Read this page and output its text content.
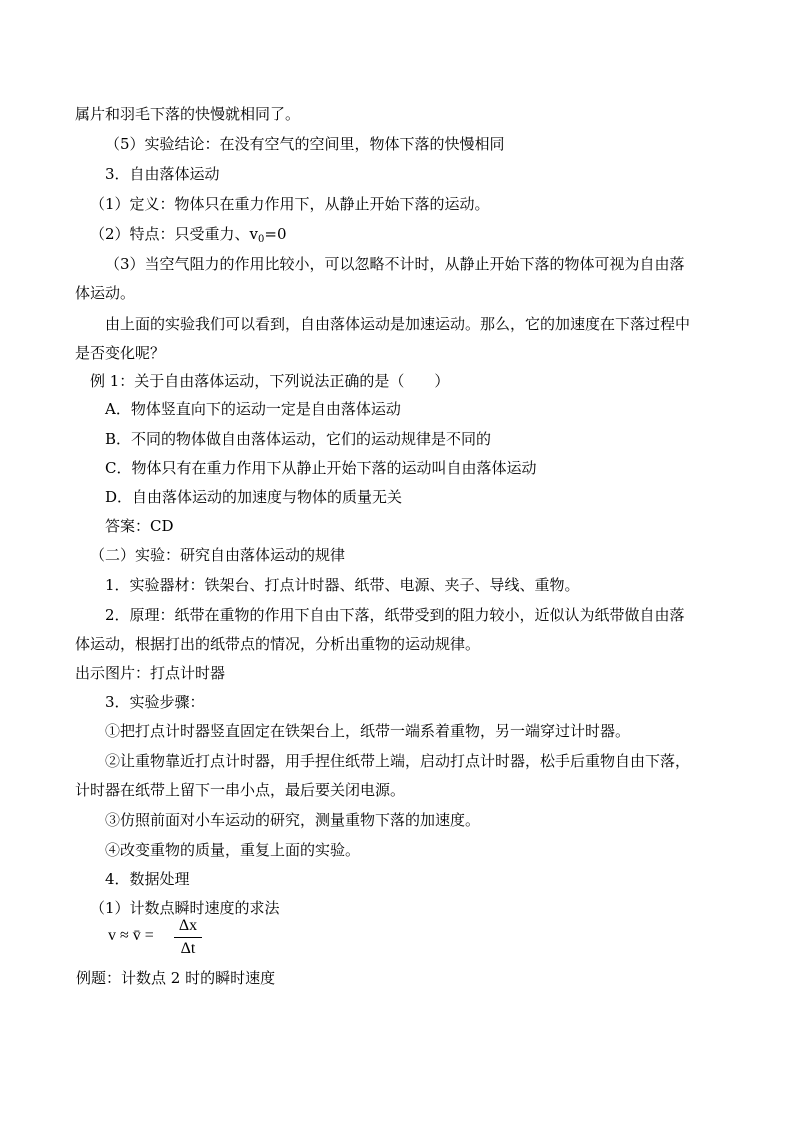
属片和羽毛下落的快慢就相同了。
（5）实验结论：在没有空气的空间里，物体下落的快慢相同
3．自由落体运动
（1）定义：物体只在重力作用下，从静止开始下落的运动。
（2）特点：只受重力、$v_0=0$
（3）当空气阻力的作用比较小，可以忽略不计时，从静止开始下落的物体可视为自由落
体运动。
由上面的实验我们可以看到，自由落体运动是加速运动。那么，它的加速度在下落过程中
是否变化呢？
例 1：关于自由落体运动，下列说法正确的是（　　）
A．物体竖直向下的运动一定是自由落体运动
B．不同的物体做自由落体运动，它们的运动规律是不同的
C．物体只有在重力作用下从静止开始下落的运动叫自由落体运动
D．自由落体运动的加速度与物体的质量无关
答案：CD
（二）实验：研究自由落体运动的规律
1．实验器材：铁架台、打点计时器、纸带、电源、夹子、导线、重物。
2．原理：纸带在重物的作用下自由下落，纸带受到的阻力较小，近似认为纸带做自由落
体运动，根据打出的纸带点的情况，分析出重物的运动规律。
出示图片：打点计时器
3．实验步骤：
①把打点计时器竖直固定在铁架台上，纸带一端系着重物，另一端穿过计时器。
②让重物靠近打点计时器，用手捏住纸带上端，启动打点计时器，松手后重物自由下落，
计时器在纸带上留下一串小点，最后要关闭电源。
③仿照前面对小车运动的研究，测量重物下落的加速度。
④改变重物的质量，重复上面的实验。
4．数据处理
（1）计数点瞬时速度的求法
v ≈ v̄ =
Δx
Δt
例题：计数点 2 时的瞬时速度
